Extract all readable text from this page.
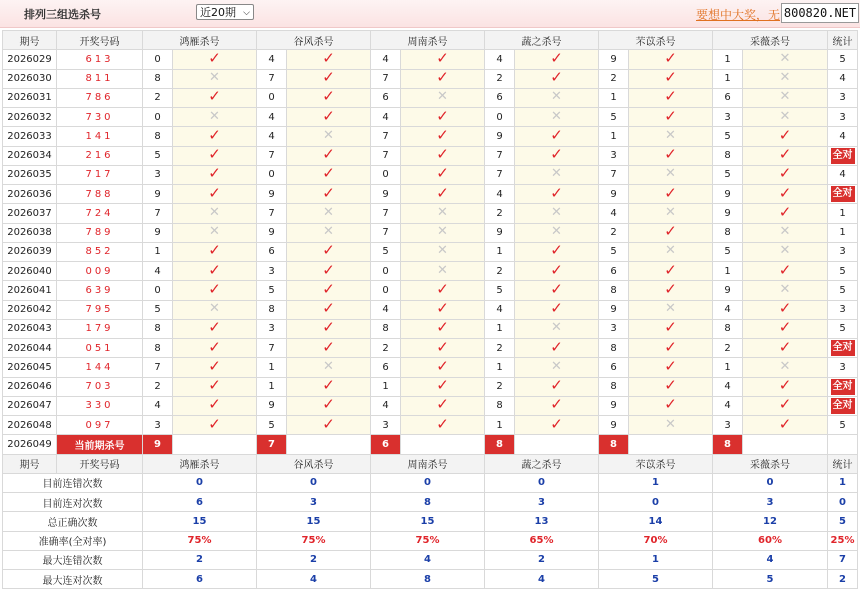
排列三组选杀号	近20期 ⌵	要想中大奖，无 800820.NET
期号	开奖号码	鸿雁杀号		谷风杀号		周南杀号		蔬之杀号		芣苡杀号		采薇杀号		统计
2026029	613	0	✓	4	✓	4	✓	4	✓	9	✓	1	✕	5
2026030	811	8	✕	7	✓	7	✓	2	✓	2	✓	1	✕	4
2026031	786	2	✓	0	✓	6	✕	6	✕	1	✓	6	✕	3
2026032	730	0	✕	4	✓	4	✓	0	✕	5	✓	3	✕	3
2026033	141	8	✓	4	✕	7	✓	9	✓	1	✕	5	✓	4
2026034	216	5	✓	7	✓	7	✓	7	✓	3	✓	8	✓	全对
2026035	717	3	✓	0	✓	0	✓	7	✕	7	✕	5	✓	4
2026036	788	9	✓	9	✓	9	✓	4	✓	9	✓	9	✓	全对
2026037	724	7	✕	7	✕	7	✕	2	✕	4	✕	9	✓	1
2026038	789	9	✕	9	✕	7	✕	9	✕	2	✓	8	✕	1
2026039	852	1	✓	6	✓	5	✕	1	✓	5	✕	5	✕	3
2026040	009	4	✓	3	✓	0	✕	2	✓	6	✓	1	✓	5
2026041	639	0	✓	5	✓	0	✓	5	✓	8	✓	9	✕	5
2026042	795	5	✕	8	✓	4	✓	4	✓	9	✕	4	✓	3
2026043	179	8	✓	3	✓	8	✓	1	✕	3	✓	8	✓	5
2026044	051	8	✓	7	✓	2	✓	2	✓	8	✓	2	✓	全对
2026045	144	7	✓	1	✕	6	✓	1	✕	6	✓	1	✕	3
2026046	703	2	✓	1	✓	1	✓	2	✓	8	✓	4	✓	全对
2026047	330	4	✓	9	✓	4	✓	8	✓	9	✓	4	✓	全对
2026048	097	3	✓	5	✓	3	✓	1	✓	9	✕	3	✓	5
2026049	当前期杀号	9		7		6		8		8		8		
期号	开奖号码	鸿雁杀号		谷风杀号		周南杀号		蔬之杀号		芣苡杀号		采薇杀号		统计
目前连错次数		0		0		0		0		1		0		1
目前连对次数		6		3		8		3		0		3		0
总正确次数		15		15		15		13		14		12		5
准确率(全对率)		75%		75%		75%		65%		70%		60%		25%
最大连错次数		2		2		4		2		1		4		7
最大连对次数		6		4		8		4		5		5		2
